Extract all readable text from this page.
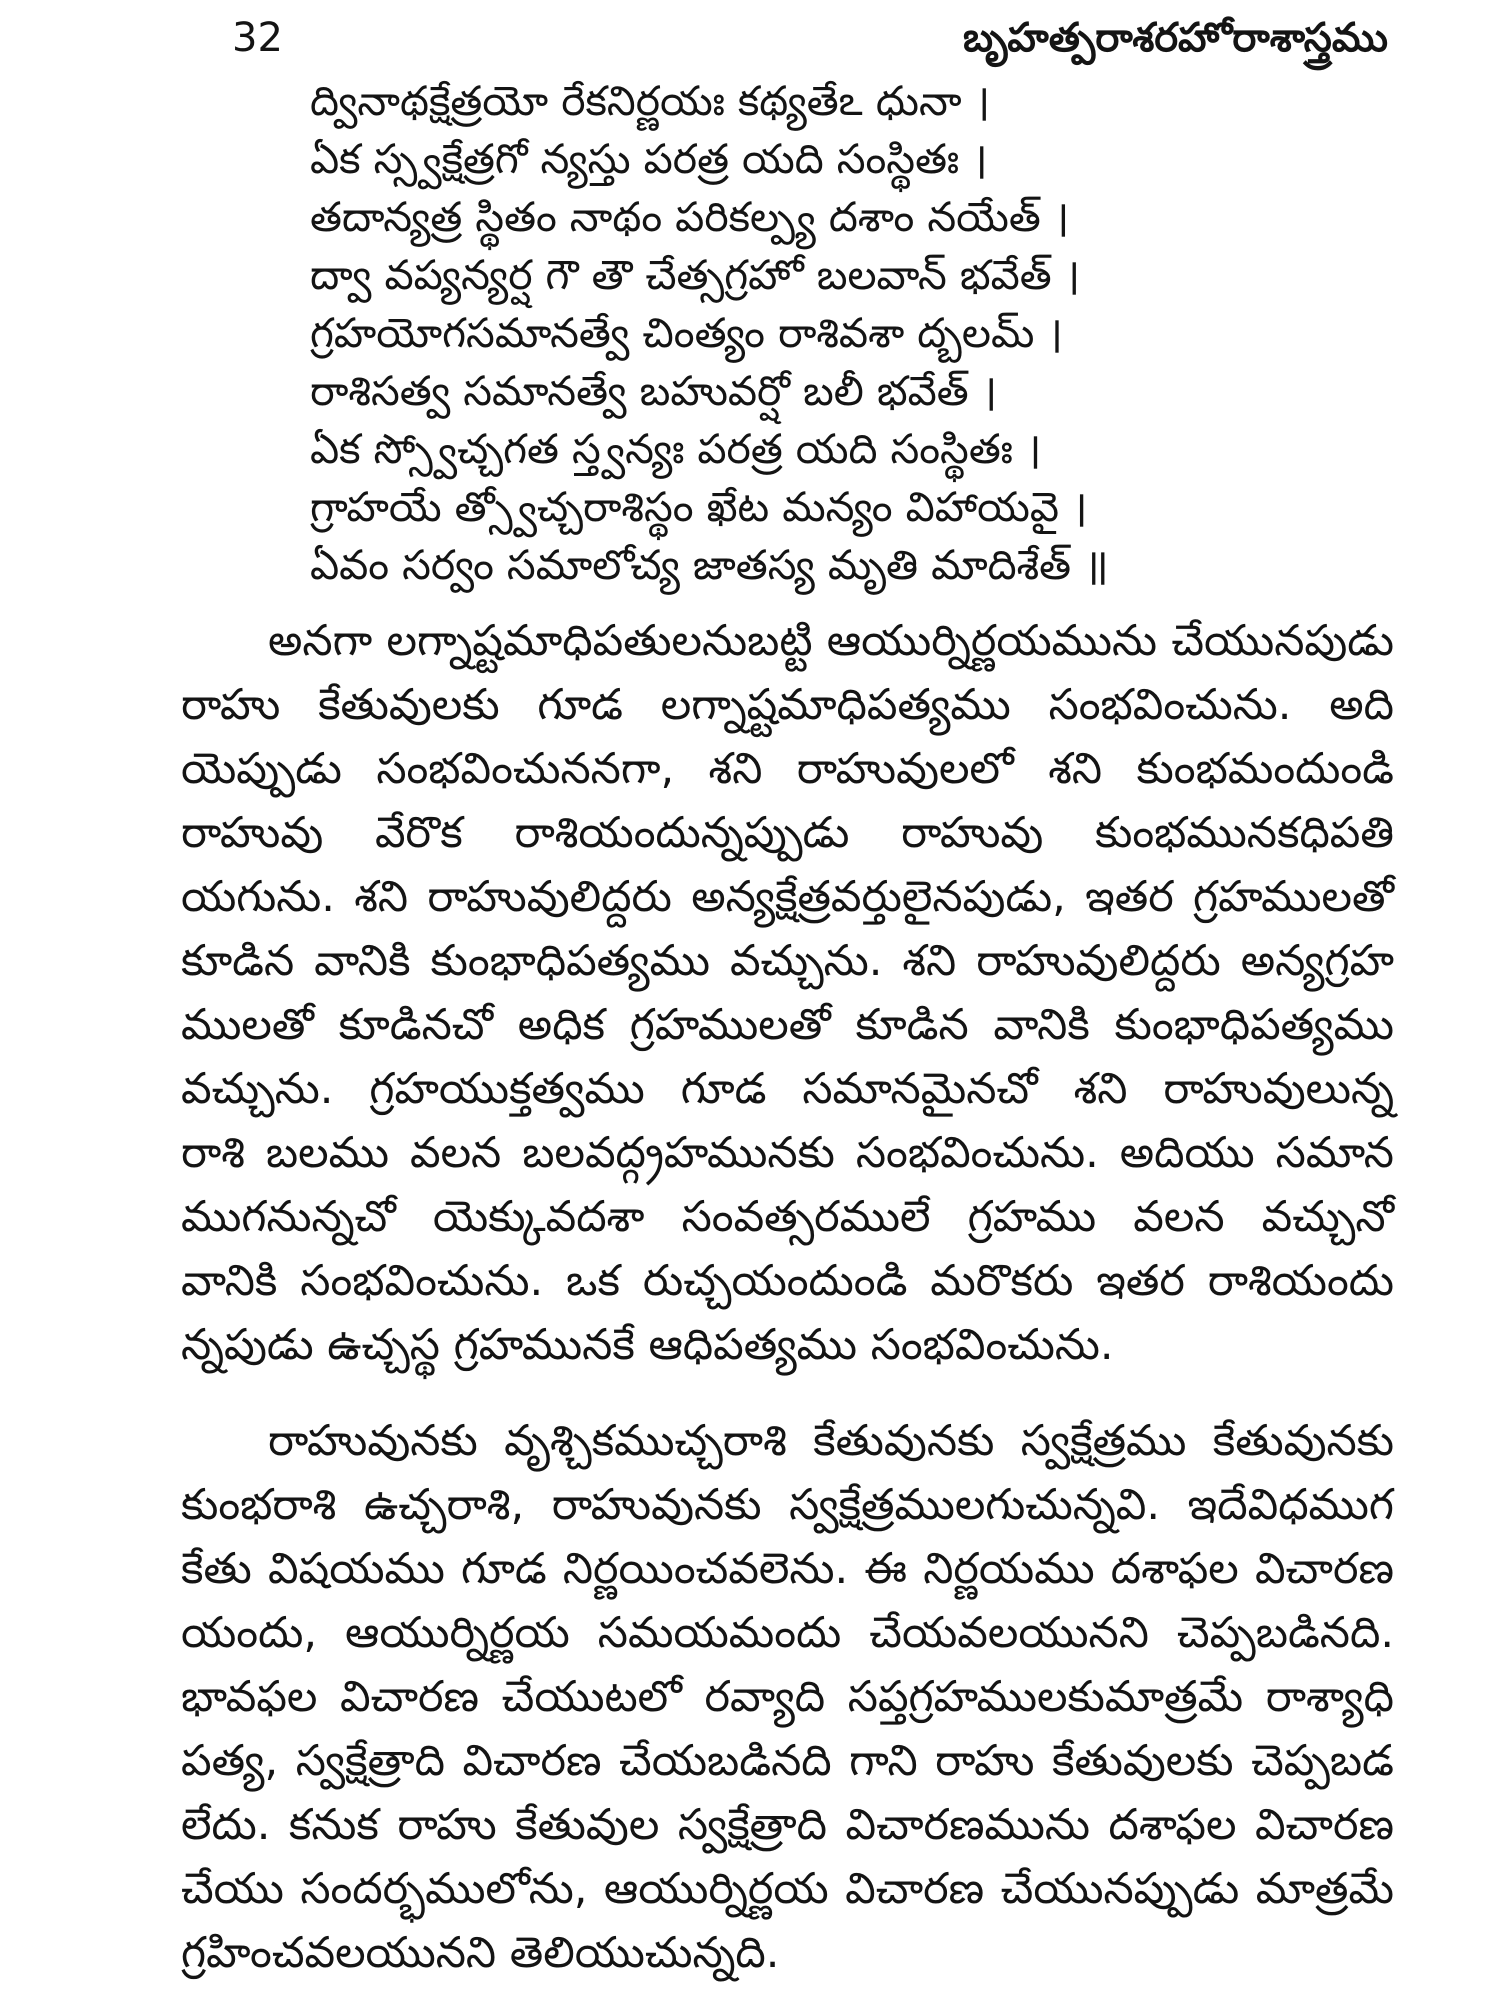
32	బృహత్పరాశరహోరాశాస్త్రము
ద్వినాథక్షేత్రయో రేకనిర్ణయః కథ్యతేఽ ధునా ।
ఏక స్స్వక్షేత్రగో న్యస్తు పరత్ర యది సంస్థితః ।
తదాన్యత్ర స్థితం నాథం పరికల్ప్య దశాం నయేత్ ।
ద్వా వప్యన్యర్ష గౌ తౌ చేత్సగ్రహో బలవాన్ భవేత్ ।
గ్రహయోగసమానత్వే చింత్యం రాశివశా ద్బలమ్ ।
రాశిసత్వ సమానత్వే బహువర్షో బలీ భవేత్ ।
ఏక స్స్వోచ్చగత స్త్వన్యః పరత్ర యది సంస్థితః ।
గ్రాహయే త్స్వోచ్చరాశిస్థం ఖేట మన్యం విహాయవై ।
ఏవం సర్వం సమాలోచ్య జాతస్య మృతి మాదిశేత్ ॥
అనగా లగ్నాష్టమాధిపతులనుబట్టి ఆయుర్నిర్ణయమును చేయునపుడు
రాహు కేతువులకు గూడ లగ్నాష్టమాధిపత్యము సంభవించును. అది
యెప్పుడు సంభవించుననగా, శని రాహువులలో శని కుంభమందుండి
రాహువు వేరొక రాశియందున్నప్పుడు రాహువు కుంభమునకధిపతి
యగును. శని రాహువులిద్దరు అన్యక్షేత్రవర్తులైనపుడు, ఇతర గ్రహములతో
కూడిన వానికి కుంభాధిపత్యము వచ్చును. శని రాహువులిద్దరు అన్యగ్రహ
ములతో కూడినచో అధిక గ్రహములతో కూడిన వానికి కుంభాధిపత్యము
వచ్చును. గ్రహయుక్తత్వము గూడ సమానమైనచో శని రాహువులున్న
రాశి బలము వలన బలవద్గ్రహమునకు సంభవించును. అదియు సమాన
ముగనున్నచో యెక్కువదశా సంవత్సరములే గ్రహము వలన వచ్చునో
వానికి సంభవించును. ఒక రుచ్చయందుండి మరొకరు ఇతర రాశియందు
న్నపుడు ఉచ్చస్థ గ్రహమునకే ఆధిపత్యము సంభవించును.
రాహువునకు వృశ్చికముచ్చరాశి కేతువునకు స్వక్షేత్రము కేతువునకు
కుంభరాశి ఉచ్చరాశి, రాహువునకు స్వక్షేత్రములగుచున్నవి. ఇదేవిధముగ
కేతు విషయము గూడ నిర్ణయించవలెను. ఈ నిర్ణయము దశాఫల విచారణ
యందు, ఆయుర్నిర్ణయ సమయమందు చేయవలయునని చెప్పబడినది.
భావఫల విచారణ చేయుటలో రవ్యాది సప్తగ్రహములకుమాత్రమే రాశ్యాధి
పత్య, స్వక్షేత్రాది విచారణ చేయబడినది గాని రాహు కేతువులకు చెప్పబడ
లేదు. కనుక రాహు కేతువుల స్వక్షేత్రాది విచారణమును దశాఫల విచారణ
చేయు సందర్భములోను, ఆయుర్నిర్ణయ విచారణ చేయునప్పుడు మాత్రమే
గ్రహించవలయునని తెలియుచున్నది.
